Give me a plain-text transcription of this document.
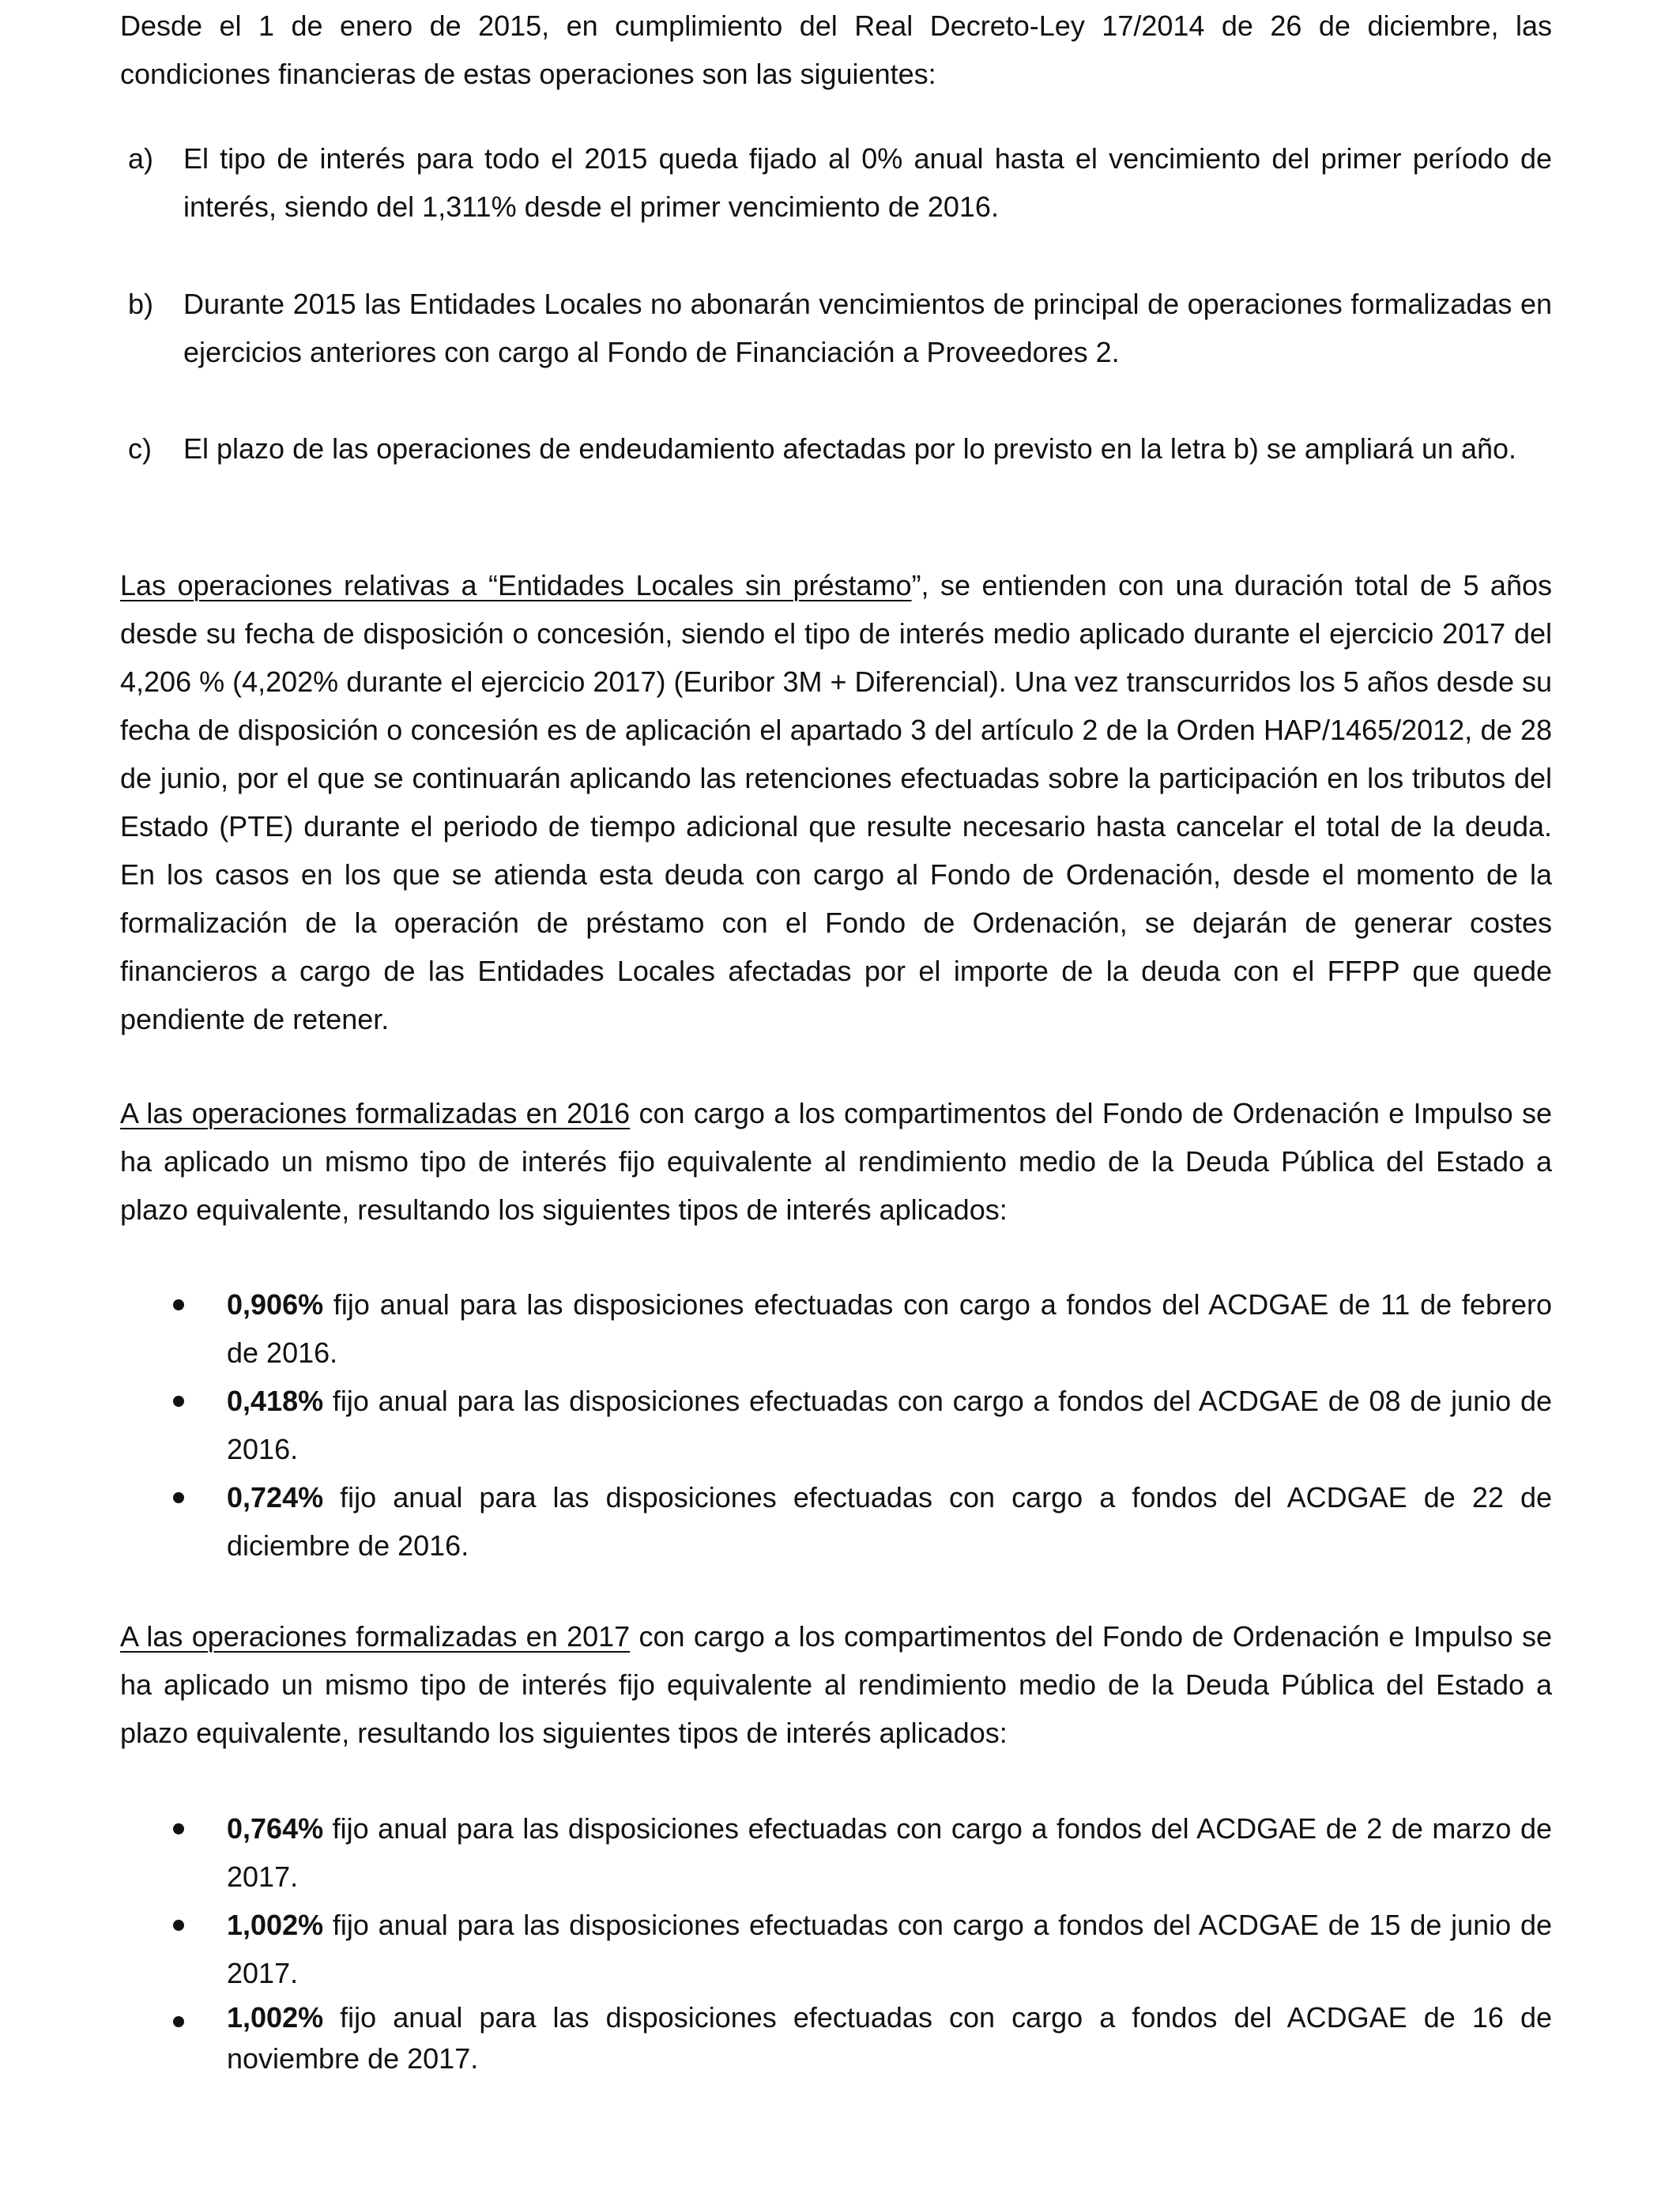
Desde el 1 de enero de 2015, en cumplimiento del Real Decreto-Ley 17/2014 de 26 de diciembre, las condiciones financieras de estas operaciones son las siguientes:

a) El tipo de interés para todo el 2015 queda fijado al 0% anual hasta el vencimiento del primer período de interés, siendo del 1,311% desde el primer vencimiento de 2016.

b) Durante 2015 las Entidades Locales no abonarán vencimientos de principal de operaciones formalizadas en ejercicios anteriores con cargo al Fondo de Financiación a Proveedores 2.

c) El plazo de las operaciones de endeudamiento afectadas por lo previsto en la letra b) se ampliará un año.

Las operaciones relativas a “Entidades Locales sin préstamo”, se entienden con una duración total de 5 años desde su fecha de disposición o concesión, siendo el tipo de interés medio aplicado durante el ejercicio 2017 del 4,206 % (4,202% durante el ejercicio 2017) (Euribor 3M + Diferencial). Una vez transcurridos los 5 años desde su fecha de disposición o concesión es de aplicación el apartado 3 del artículo 2 de la Orden HAP/1465/2012, de 28 de junio, por el que se continuarán aplicando las retenciones efectuadas sobre la participación en los tributos del Estado (PTE) durante el periodo de tiempo adicional que resulte necesario hasta cancelar el total de la deuda. En los casos en los que se atienda esta deuda con cargo al Fondo de Ordenación, desde el momento de la formalización de la operación de préstamo con el Fondo de Ordenación, se dejarán de generar costes financieros a cargo de las Entidades Locales afectadas por el importe de la deuda con el FFPP que quede pendiente de retener.

A las operaciones formalizadas en 2016 con cargo a los compartimentos del Fondo de Ordenación e Impulso se ha aplicado un mismo tipo de interés fijo equivalente al rendimiento medio de la Deuda Pública del Estado a plazo equivalente, resultando los siguientes tipos de interés aplicados:

0,906% fijo anual para las disposiciones efectuadas con cargo a fondos del ACDGAE de 11 de febrero de 2016.

0,418% fijo anual para las disposiciones efectuadas con cargo a fondos del ACDGAE de 08 de junio de 2016.

0,724% fijo anual para las disposiciones efectuadas con cargo a fondos del ACDGAE de 22 de diciembre de 2016.

A las operaciones formalizadas en 2017 con cargo a los compartimentos del Fondo de Ordenación e Impulso se ha aplicado un mismo tipo de interés fijo equivalente al rendimiento medio de la Deuda Pública del Estado a plazo equivalente, resultando los siguientes tipos de interés aplicados:

0,764% fijo anual para las disposiciones efectuadas con cargo a fondos del ACDGAE de 2 de marzo de 2017.

1,002% fijo anual para las disposiciones efectuadas con cargo a fondos del ACDGAE de 15 de junio de 2017.

1,002% fijo anual para las disposiciones efectuadas con cargo a fondos del ACDGAE de 16 de noviembre de 2017.
